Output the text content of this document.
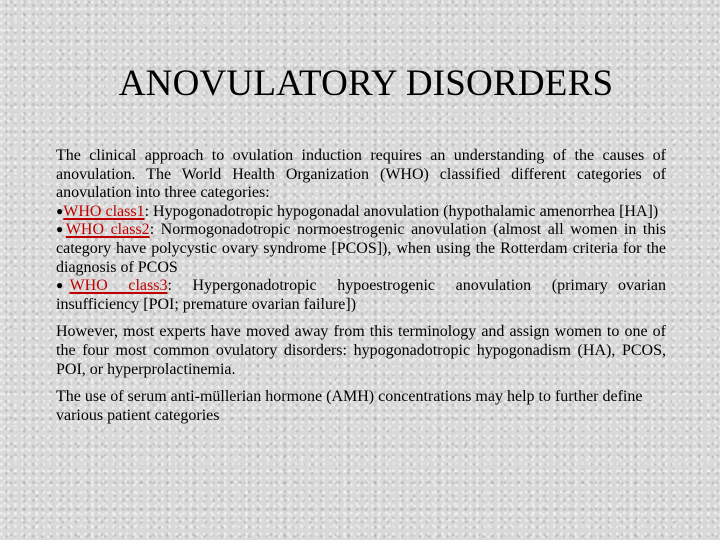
ANOVULATORY DISORDERS

The clinical approach to ovulation induction requires an understanding of the causes of anovulation. The World Health Organization (WHO) classified different categories of anovulation into three categories:

●WHO class1: Hypogonadotropic hypogonadal anovulation (hypothalamic amenorrhea [HA])

●WHO class2: Normogonadotropic normoestrogenic anovulation (almost all women in this category have polycystic ovary syndrome [PCOS]), when using the Rotterdam criteria for the diagnosis of PCOS

●WHO  class3:  Hypergonadotropic  hypoestrogenic  anovulation  (primary ovarian insufficiency [POI; premature ovarian failure])

However, most experts have moved away from this terminology and assign women to one of the four most common ovulatory disorders: hypogonadotropic hypogonadism (HA), PCOS, POI, or hyperprolactinemia.

The use of serum anti-müllerian hormone (AMH) concentrations may help to further define various patient categories
